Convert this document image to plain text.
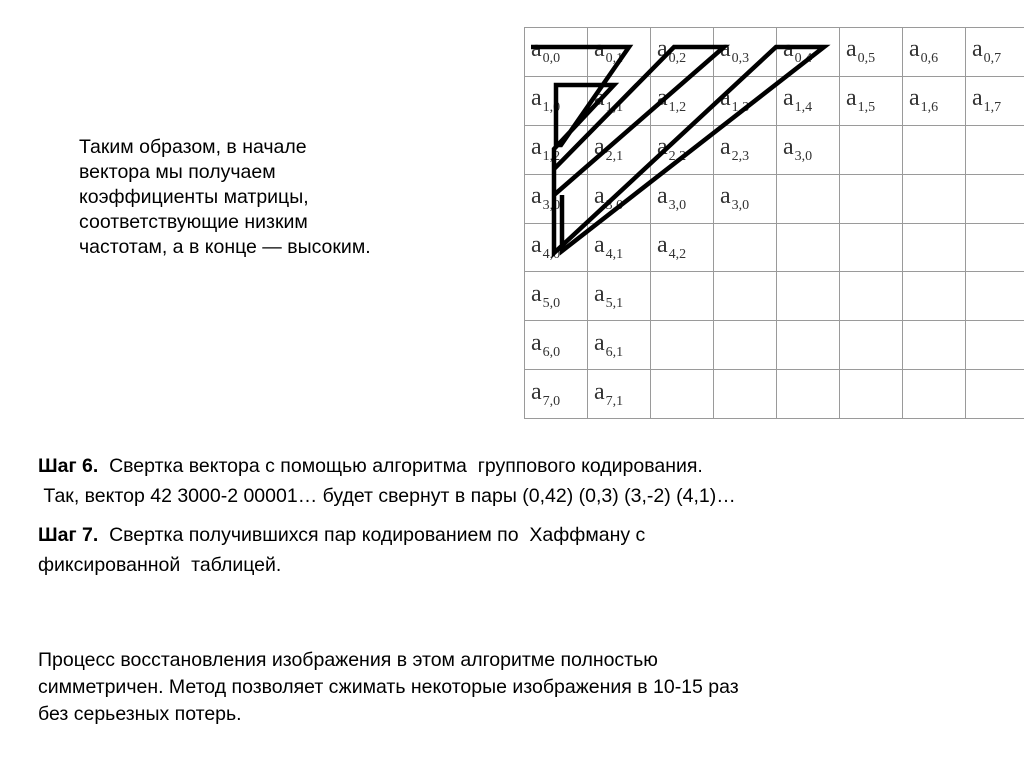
Таким образом, в начале
вектора мы получаем
коэффициенты матрицы,
соответствующие низким
частотам, а в конце — высоким.
$a_{0,0}$	$a_{0,1}$	$a_{0,2}$	$a_{0,3}$	$a_{0,4}$	$a_{0,5}$	$a_{0,6}$	$a_{0,7}$
$a_{1,0}$	$a_{1,1}$	$a_{1,2}$	$a_{1,3}$	$a_{1,4}$	$a_{1,5}$	$a_{1,6}$	$a_{1,7}$
$a_{1,2}$	$a_{2,1}$	$a_{2,2}$	$a_{2,3}$	$a_{3,0}$			
$a_{3,0}$	$a_{3,0}$	$a_{3,0}$	$a_{3,0}$				
$a_{4,0}$	$a_{4,1}$	$a_{4,2}$					
$a_{5,0}$	$a_{5,1}$						
$a_{6,0}$	$a_{6,1}$						
$a_{7,0}$	$a_{7,1}$						
Шаг 6.  Свертка вектора с помощью алгоритма  группового кодирования.
Так, вектор 42 3000-2 00001… будет свернут в пары (0,42) (0,3) (3,-2) (4,1)…
Шаг 7.  Свертка получившихся пар кодированием по  Хаффману с
фиксированной  таблицей.
Процесс восстановления изображения в этом алгоритме полностью
симметричен. Метод позволяет сжимать некоторые изображения в 10-15 раз
без серьезных потерь.
